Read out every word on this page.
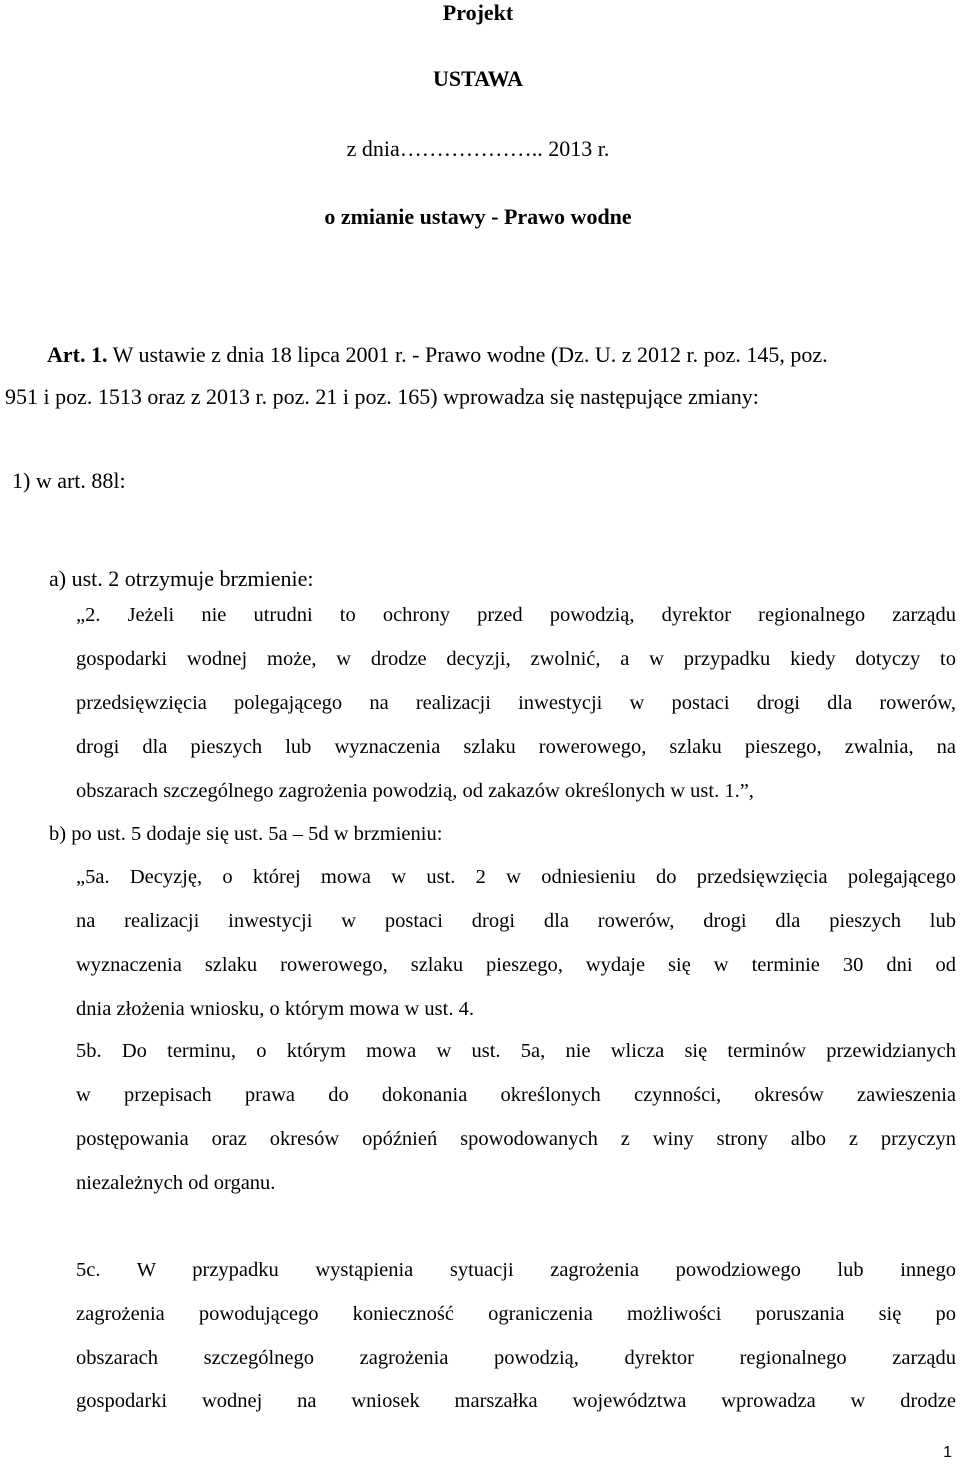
Projekt
USTAWA
z dnia……………….. 2013 r.
o zmianie ustawy - Prawo wodne
Art. 1. W ustawie z dnia 18 lipca 2001 r. - Prawo wodne (Dz. U. z 2012 r. poz. 145, poz.
951 i poz. 1513 oraz z 2013 r. poz. 21 i poz. 165) wprowadza się następujące zmiany:
1) w art. 88l:
a) ust. 2 otrzymuje brzmienie:
„2. Jeżeli nie utrudni to ochrony przed powodzią, dyrektor regionalnego zarządu
gospodarki wodnej może, w drodze decyzji, zwolnić, a w przypadku kiedy dotyczy to
przedsięwzięcia polegającego na realizacji inwestycji w postaci drogi dla rowerów,
drogi dla pieszych lub wyznaczenia szlaku rowerowego, szlaku pieszego, zwalnia, na
obszarach szczególnego zagrożenia powodzią, od zakazów określonych w ust. 1.”,
b) po ust. 5 dodaje się ust. 5a – 5d w brzmieniu:
„5a. Decyzję, o której mowa w ust. 2 w odniesieniu do przedsięwzięcia polegającego
na realizacji inwestycji w postaci drogi dla rowerów, drogi dla pieszych lub
wyznaczenia szlaku rowerowego, szlaku pieszego, wydaje się w terminie 30 dni od
dnia złożenia wniosku, o którym mowa w ust. 4.
5b. Do terminu, o którym mowa w ust. 5a, nie wlicza się terminów przewidzianych
w przepisach prawa do dokonania określonych czynności, okresów zawieszenia
postępowania oraz okresów opóźnień spowodowanych z winy strony albo z przyczyn
niezależnych od organu.
5c. W przypadku wystąpienia sytuacji zagrożenia powodziowego lub innego
zagrożenia powodującego konieczność ograniczenia możliwości poruszania się po
obszarach szczególnego zagrożenia powodzią, dyrektor regionalnego zarządu
gospodarki wodnej na wniosek marszałka województwa wprowadza w drodze
1
